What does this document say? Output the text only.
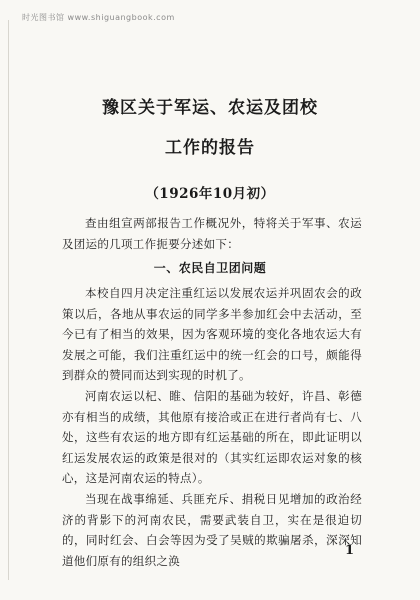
时光图书馆 www.shiguangbook.com
豫区关于军运、农运及团校
工作的报告
（1926年10月初）

查由组宣两部报告工作概况外，特将关于军事、农运及团运的几项工作扼要分述如下：

一、农民自卫团问题

本校自四月决定注重红运以发展农运并巩固农会的政策以后，各地从事农运的同学多半参加红会中去活动，至今已有了相当的效果，因为客观环境的变化各地农运大有发展之可能，我们注重红运中的统一红会的口号，颇能得到群众的赞同而达到实现的时机了。

河南农运以杞、睢、信阳的基础为较好，许昌、彰德亦有相当的成绩，其他原有接洽或正在进行者尚有七、八处，这些有农运的地方即有红运基础的所在，即此证明以红运发展农运的政策是很对的（其实红运即农运对象的核心，这是河南农运的特点）。

当现在战事绵延、兵匪充斥、捐税日见增加的政治经济的背影下的河南农民，需要武装自卫，实在是很迫切的，同时红会、白会等因为受了吴贼的欺骗屠杀，深深知道他们原有的组织之涣

1
